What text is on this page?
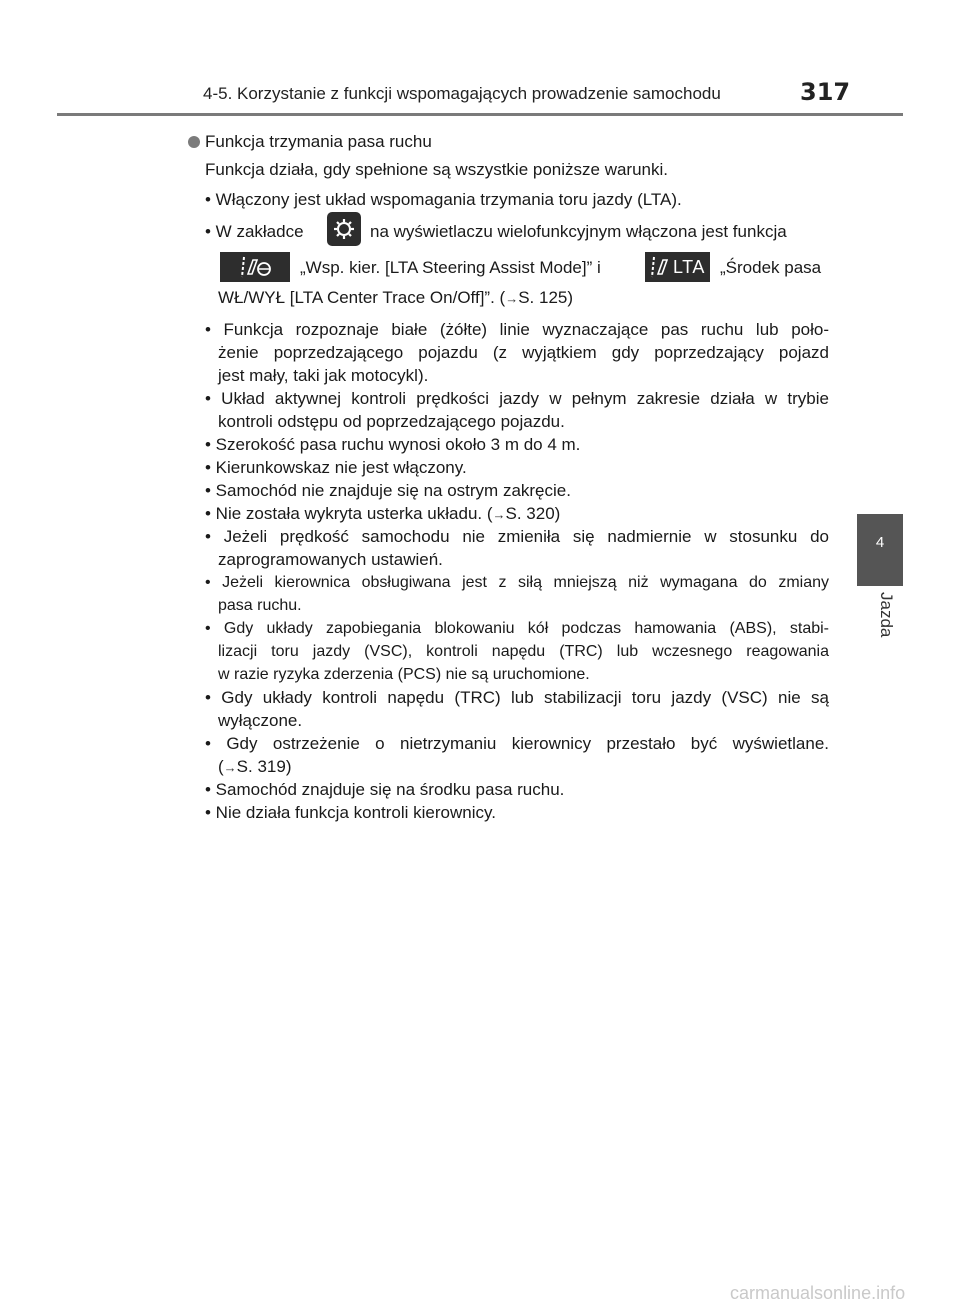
4-5. Korzystanie z funkcji wspomagających prowadzenie samochodu	317
4
Jazda
Funkcja trzymania pasa ruchu
Funkcja działa, gdy spełnione są wszystkie poniższe warunki.
• Włączony jest układ wspomagania trzymania toru jazdy (LTA).
• W zakładce	na wyświetlaczu wielofunkcyjnym włączona jest funkcja
„Wsp. kier. [LTA Steering Assist Mode]” i	LTA „Środek pasa
WŁ/WYŁ [LTA Center Trace On/Off]”. (→S. 125)
• Funkcja rozpoznaje białe (żółte) linie wyznaczające pas ruchu lub poło-
żenie poprzedzającego pojazdu (z wyjątkiem gdy poprzedzający pojazd
jest mały, taki jak motocykl).
• Układ aktywnej kontroli prędkości jazdy w pełnym zakresie działa w trybie
kontroli odstępu od poprzedzającego pojazdu.
• Szerokość pasa ruchu wynosi około 3 m do 4 m.
• Kierunkowskaz nie jest włączony.
• Samochód nie znajduje się na ostrym zakręcie.
• Nie została wykryta usterka układu. (→S. 320)
• Jeżeli prędkość samochodu nie zmieniła się nadmiernie w stosunku do
zaprogramowanych ustawień.
• Jeżeli kierownica obsługiwana jest z siłą mniejszą niż wymagana do zmiany
pasa ruchu.
• Gdy układy zapobiegania blokowaniu kół podczas hamowania (ABS), stabi-
lizacji toru jazdy (VSC), kontroli napędu (TRC) lub wczesnego reagowania
w razie ryzyka zderzenia (PCS) nie są uruchomione.
• Gdy układy kontroli napędu (TRC) lub stabilizacji toru jazdy (VSC) nie są
wyłączone.
• Gdy ostrzeżenie o nietrzymaniu kierownicy przestało być wyświetlane.
(→S. 319)
• Samochód znajduje się na środku pasa ruchu.
• Nie działa funkcja kontroli kierownicy.
carmanualsonline.info
